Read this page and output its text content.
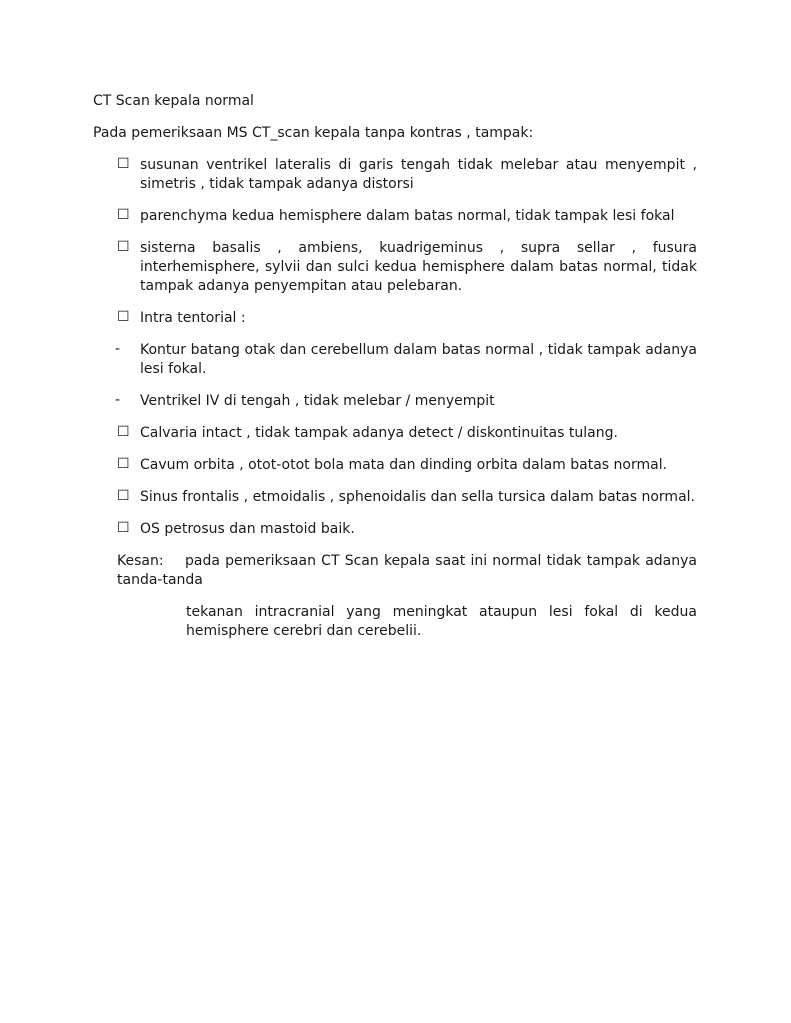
CT Scan kepala normal

Pada pemeriksaan MS CT_scan kepala tanpa kontras , tampak:

☐ susunan ventrikel lateralis di garis tengah tidak melebar atau menyempit , simetris , tidak tampak adanya distorsi

☐ parenchyma kedua hemisphere dalam batas normal, tidak tampak lesi fokal

☐ sisterna basalis , ambiens, kuadrigeminus , supra sellar , fusura interhemisphere, sylvii dan sulci kedua hemisphere dalam batas normal, tidak tampak adanya penyempitan atau pelebaran.

☐ Intra tentorial :

-	Kontur batang otak dan cerebellum dalam batas normal , tidak tampak adanya lesi fokal.

-	Ventrikel IV di tengah , tidak melebar / menyempit

☐ Calvaria intact , tidak tampak adanya detect / diskontinuitas tulang.

☐ Cavum orbita , otot-otot bola mata dan dinding orbita dalam batas normal.

☐ Sinus frontalis , etmoidalis , sphenoidalis dan sella tursica dalam batas normal.

☐ OS petrosus dan mastoid baik.

Kesan: pada pemeriksaan CT Scan kepala saat ini normal tidak tampak adanya tanda-tanda

tekanan intracranial yang meningkat ataupun lesi fokal di kedua hemisphere cerebri dan cerebelii.
